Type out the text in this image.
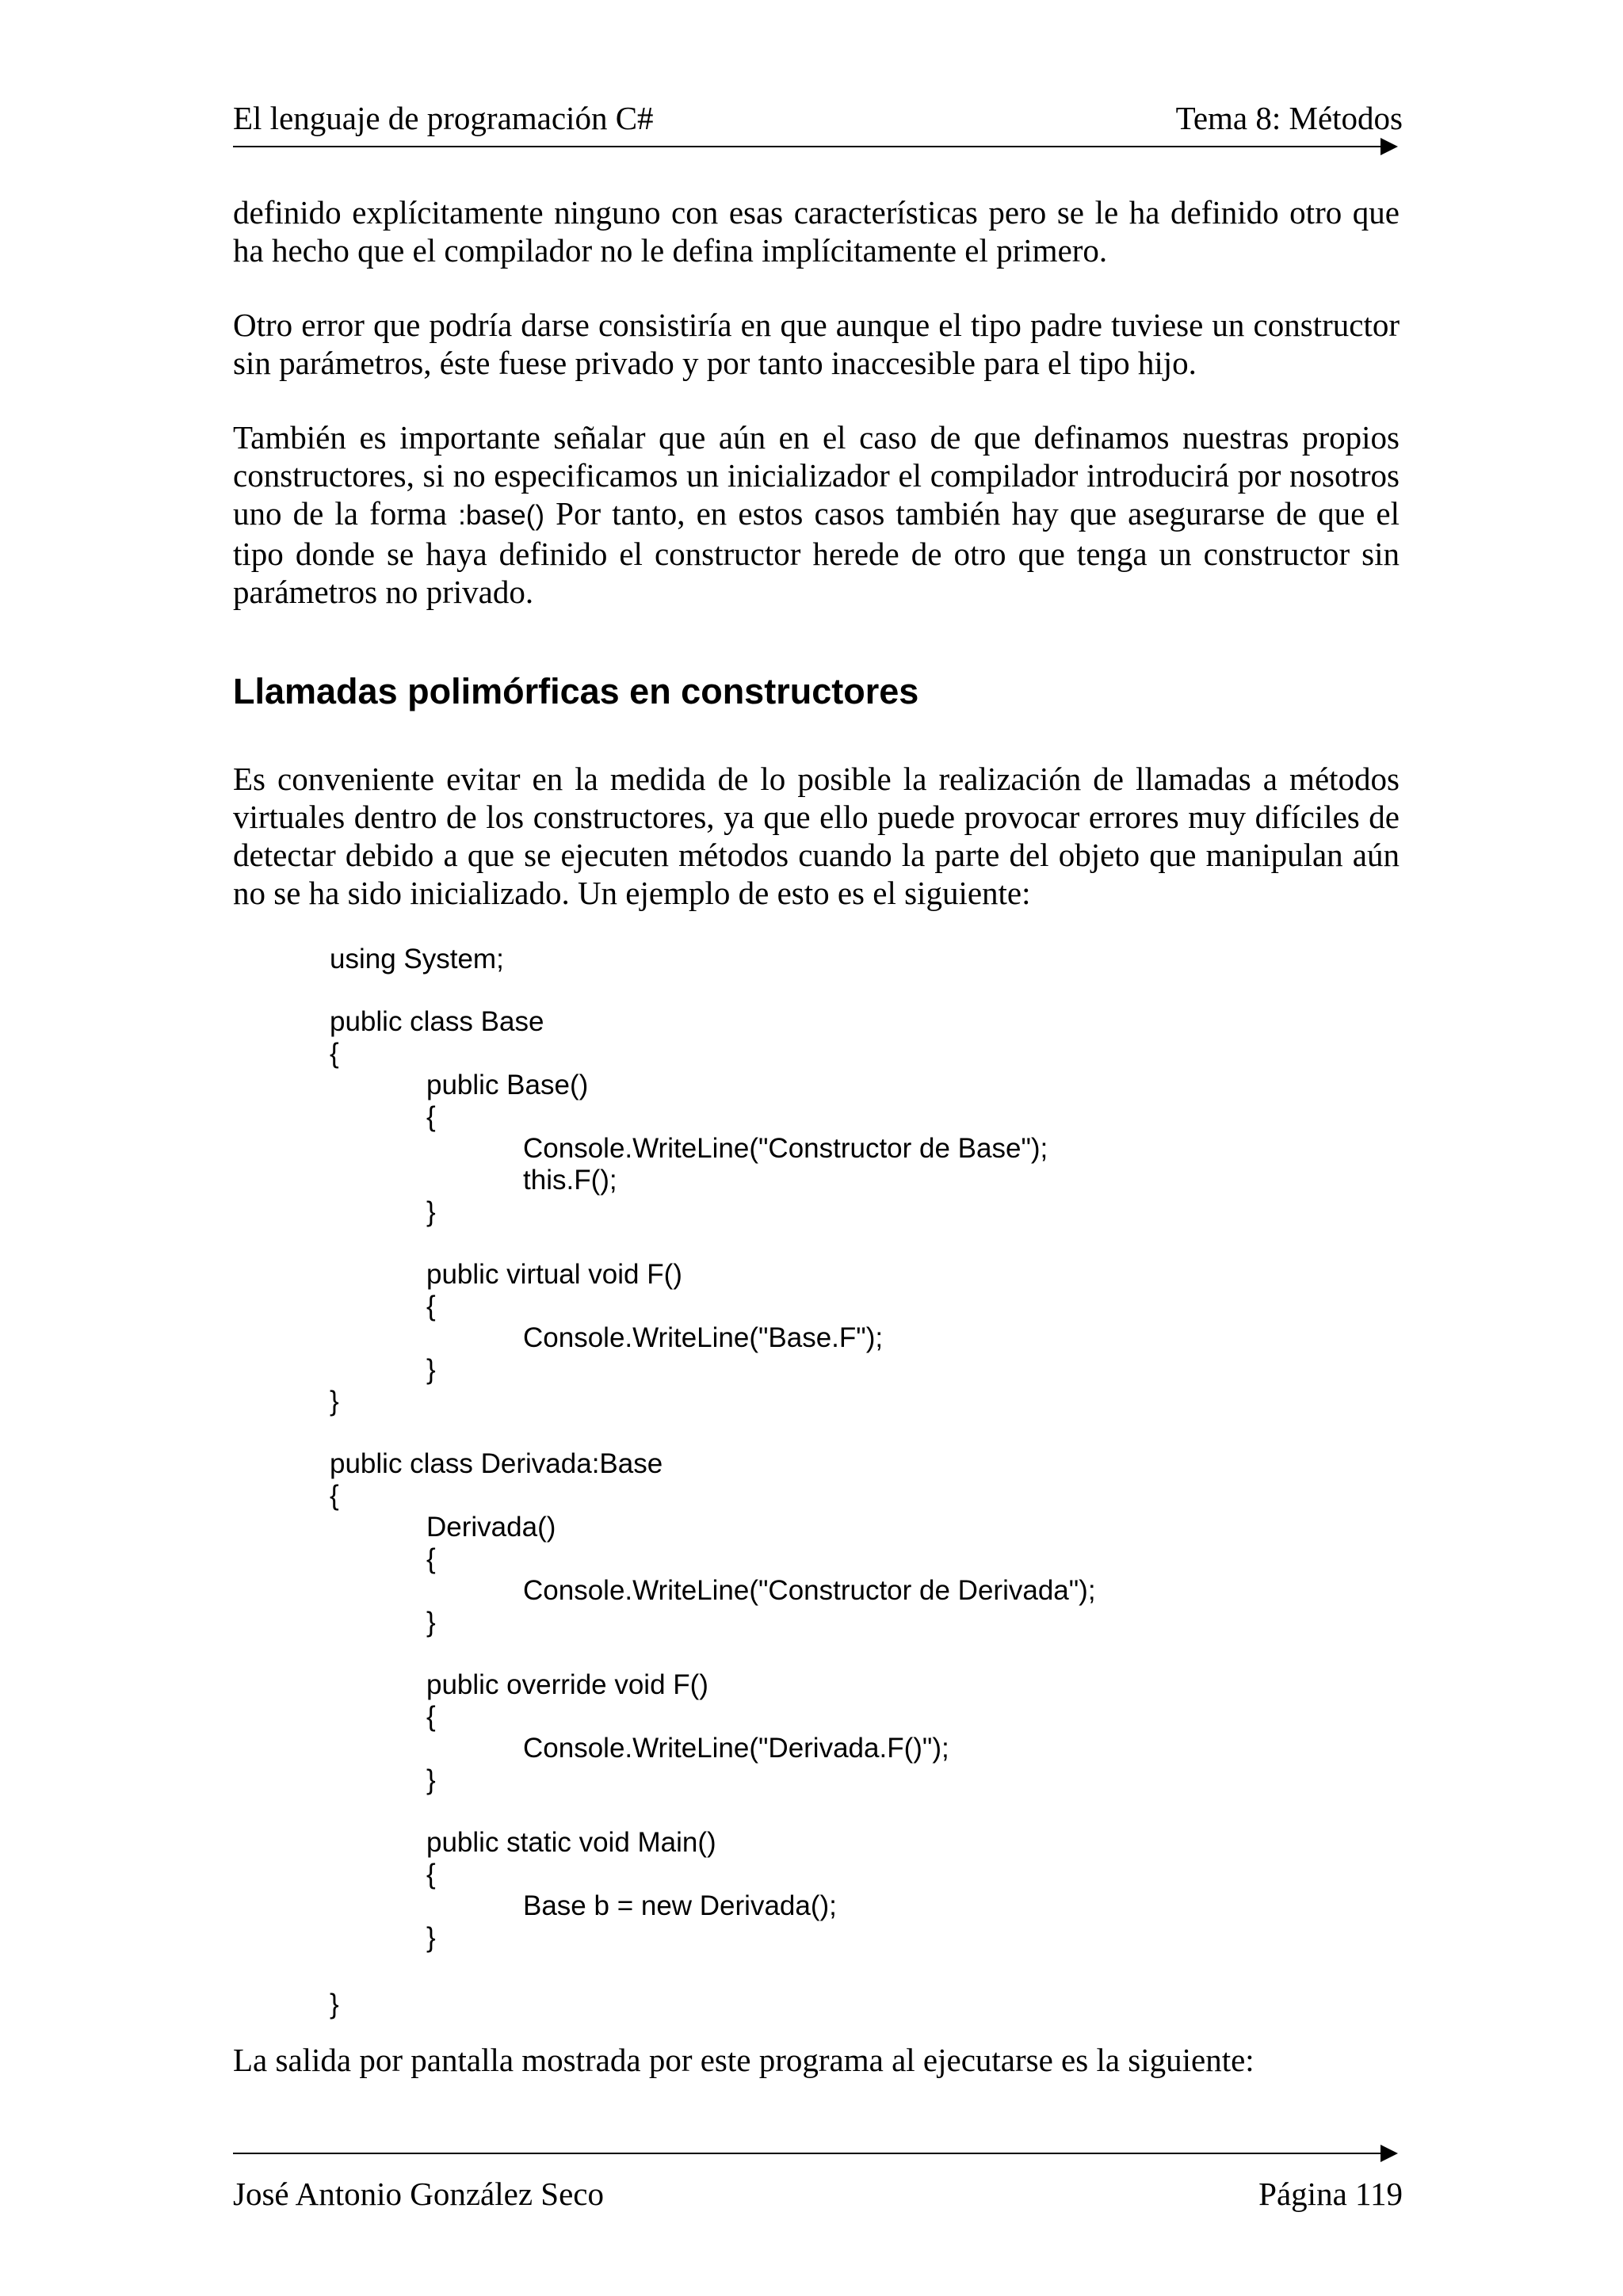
El lenguaje de programación C#	Tema 8: Métodos

definido explícitamente ninguno con esas características pero se le ha definido otro que ha hecho que el compilador no le defina implícitamente el primero.

Otro error que podría darse consistiría en que aunque el tipo padre tuviese un constructor sin parámetros, éste fuese privado y por tanto inaccesible para el tipo hijo.

También es importante señalar que aún en el caso de que definamos nuestras propios constructores, si no especificamos un inicializador el compilador introducirá por nosotros uno de la forma :base() Por tanto, en estos casos también hay que asegurarse de que el tipo donde se haya definido el constructor herede de otro que tenga un constructor sin parámetros no privado.

Llamadas polimórficas en constructores

Es conveniente evitar en la medida de lo posible la realización de llamadas a métodos virtuales dentro de los constructores, ya que ello puede provocar errores muy difíciles de detectar debido a que se ejecuten métodos cuando la parte del objeto que manipulan aún no se ha sido inicializado. Un ejemplo de esto es el siguiente:

using System;
public class Base
{
public Base()
{
Console.WriteLine("Constructor de Base");
this.F();
}
public virtual void F()
{
Console.WriteLine("Base.F");
}
}
public class Derivada:Base
{
Derivada()
{
Console.WriteLine("Constructor de Derivada");
}
public override void F()
{
Console.WriteLine("Derivada.F()");
}
public static void Main()
{
Base b = new Derivada();
}
}

La salida por pantalla mostrada por este programa al ejecutarse es la siguiente:

José Antonio González Seco	Página 119
